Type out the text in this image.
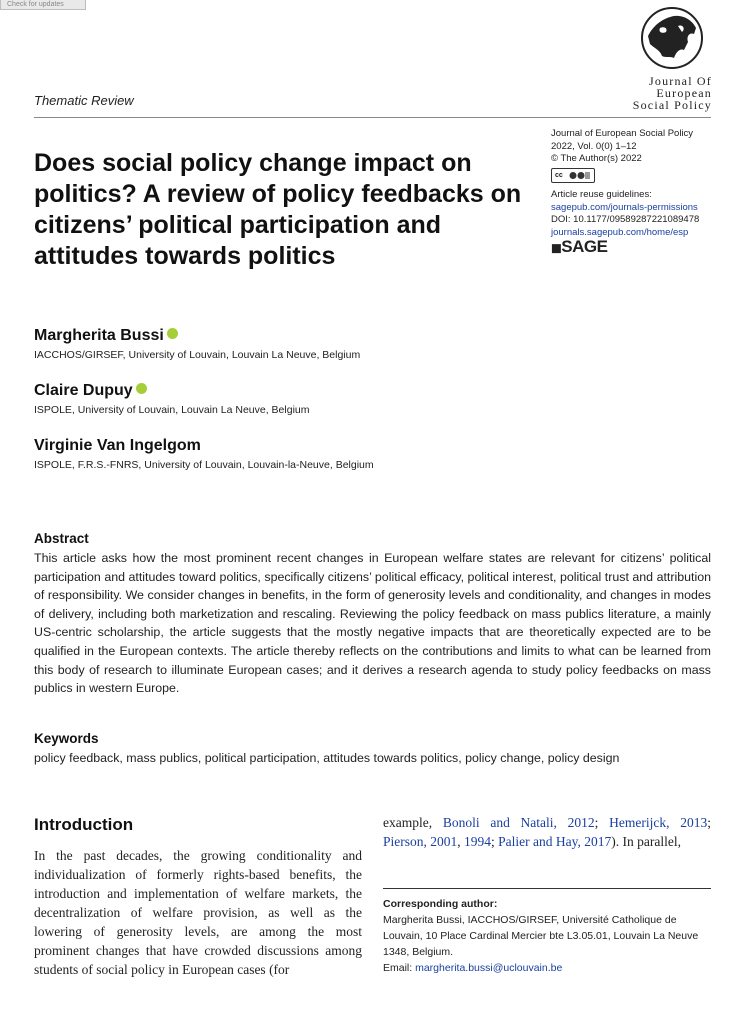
Check for updates
Journal Of
European
Social Policy
Thematic Review
Does social policy change impact on politics? A review of policy feedbacks on citizens’ political participation and attitudes towards politics
Journal of European Social Policy
2022, Vol. 0(0) 1–12
© The Author(s) 2022
cc
Article reuse guidelines:
sagepub.com/journals-permissions
DOI: 10.1177/09589287221089478
journals.sagepub.com/home/esp
◼SAGE
Margherita Bussi
IACCHOS/GIRSEF, University of Louvain, Louvain La Neuve, Belgium
Claire Dupuy
ISPOLE, University of Louvain, Louvain La Neuve, Belgium
Virginie Van Ingelgom
ISPOLE, F.R.S.-FNRS, University of Louvain, Louvain-la-Neuve, Belgium
Abstract
This article asks how the most prominent recent changes in European welfare states are relevant for citizens’ political participation and attitudes toward politics, specifically citizens’ political efficacy, political interest, political trust and attribution of responsibility. We consider changes in benefits, in the form of generosity levels and conditionality, and changes in modes of delivery, including both marketization and rescaling. Reviewing the policy feedback on mass publics literature, a mainly US-centric scholarship, the article suggests that the mostly negative impacts that are theoretically expected are to be qualified in the European contexts. The article thereby reflects on the contributions and limits to what can be learned from this body of research to illuminate European cases; and it derives a research agenda to study policy feedbacks on mass publics in western Europe.
Keywords
policy feedback, mass publics, political participation, attitudes towards politics, policy change, policy design
Introduction
In the past decades, the growing conditionality and individualization of formerly rights-based benefits, the introduction and implementation of welfare markets, the decentralization of welfare provision, as well as the lowering of generosity levels, are among the most prominent changes that have crowded discussions among students of social policy in European cases (for
example, Bonoli and Natali, 2012; Hemerijck, 2013; Pierson, 2001, 1994; Palier and Hay, 2017). In parallel,
Corresponding author:
Margherita Bussi, IACCHOS/GIRSEF, Université Catholique de Louvain, 10 Place Cardinal Mercier bte L3.05.01, Louvain La Neuve 1348, Belgium.
Email: margherita.bussi@uclouvain.be
